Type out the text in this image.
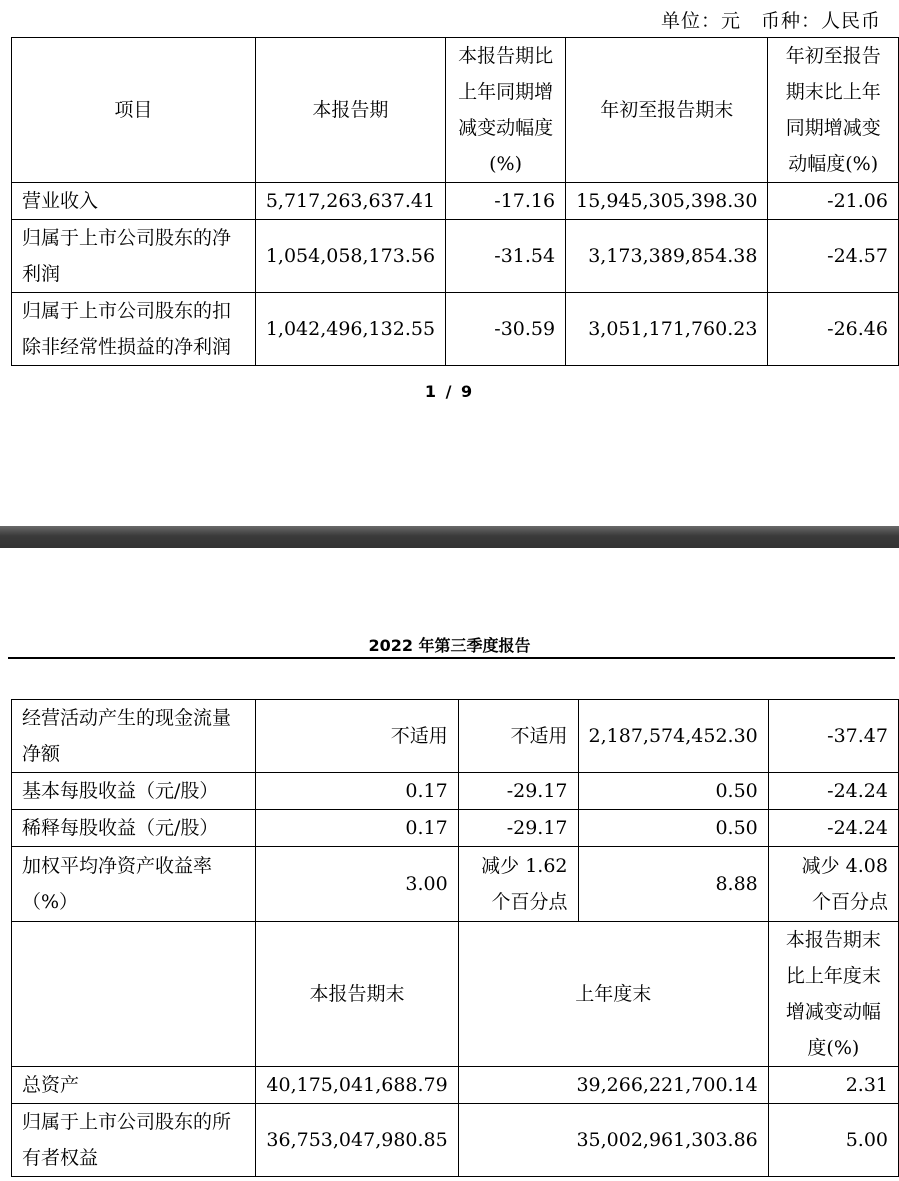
单位：元　币种：人民币
项目	本报告期	本报告期比上年同期增减变动幅度(%)	年初至报告期末	年初至报告期末比上年同期增减变动幅度(%)
营业收入	5,717,263,637.41	-17.16	15,945,305,398.30	-21.06
归属于上市公司股东的净利润	1,054,058,173.56	-31.54	3,173,389,854.38	-24.57
归属于上市公司股东的扣除非经常性损益的净利润	1,042,496,132.55	-30.59	3,051,171,760.23	-26.46
1 / 9
2022 年第三季度报告
经营活动产生的现金流量净额	不适用	不适用	2,187,574,452.30	-37.47
基本每股收益（元/股）	0.17	-29.17	0.50	-24.24
稀释每股收益（元/股）	0.17	-29.17	0.50	-24.24
加权平均净资产收益率（%）	3.00	减少 1.62 个百分点	8.88	减少 4.08 个百分点
	本报告期末	上年度末		本报告期末比上年度末增减变动幅度(%)
总资产	40,175,041,688.79	39,266,221,700.14		2.31
归属于上市公司股东的所有者权益	36,753,047,980.85	35,002,961,303.86		5.00
